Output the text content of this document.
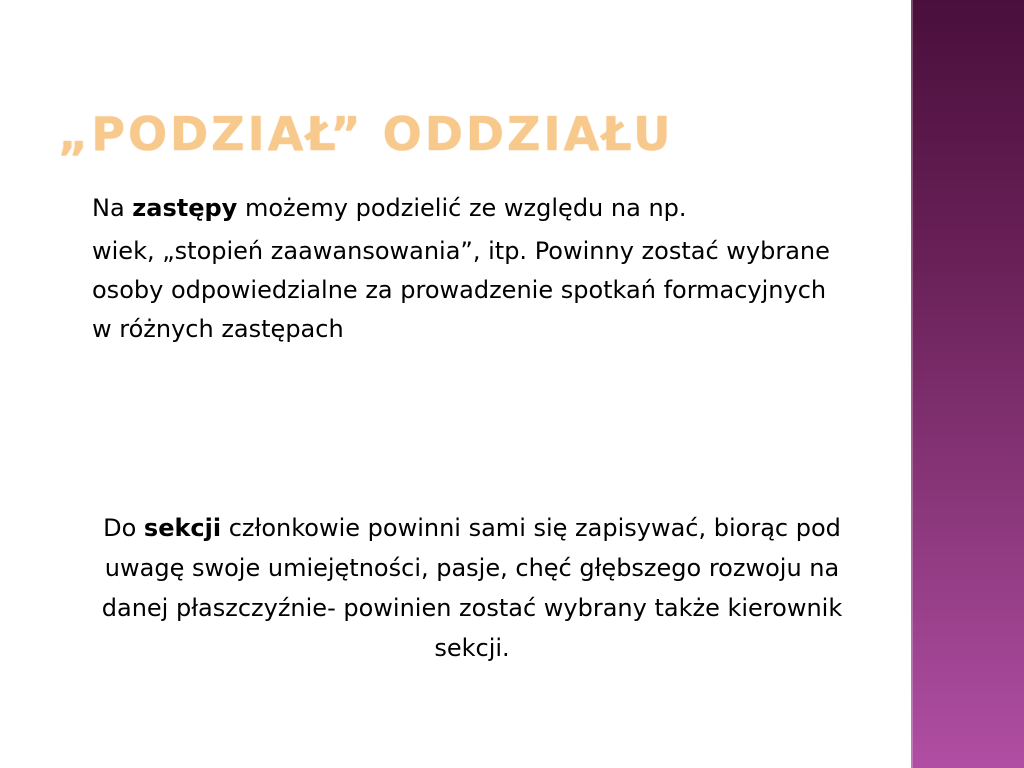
„PODZIAŁ” ODDZIAŁU
Na zastępy możemy podzielić ze względu na np.
wiek, „stopień zaawansowania”, itp. Powinny zostać wybrane osoby odpowiedzialne za prowadzenie spotkań formacyjnych w różnych zastępach
Do sekcji członkowie powinni sami się zapisywać, biorąc pod uwagę swoje umiejętności, pasje, chęć głębszego rozwoju na danej płaszczyźnie- powinien zostać wybrany także kierownik sekcji.
